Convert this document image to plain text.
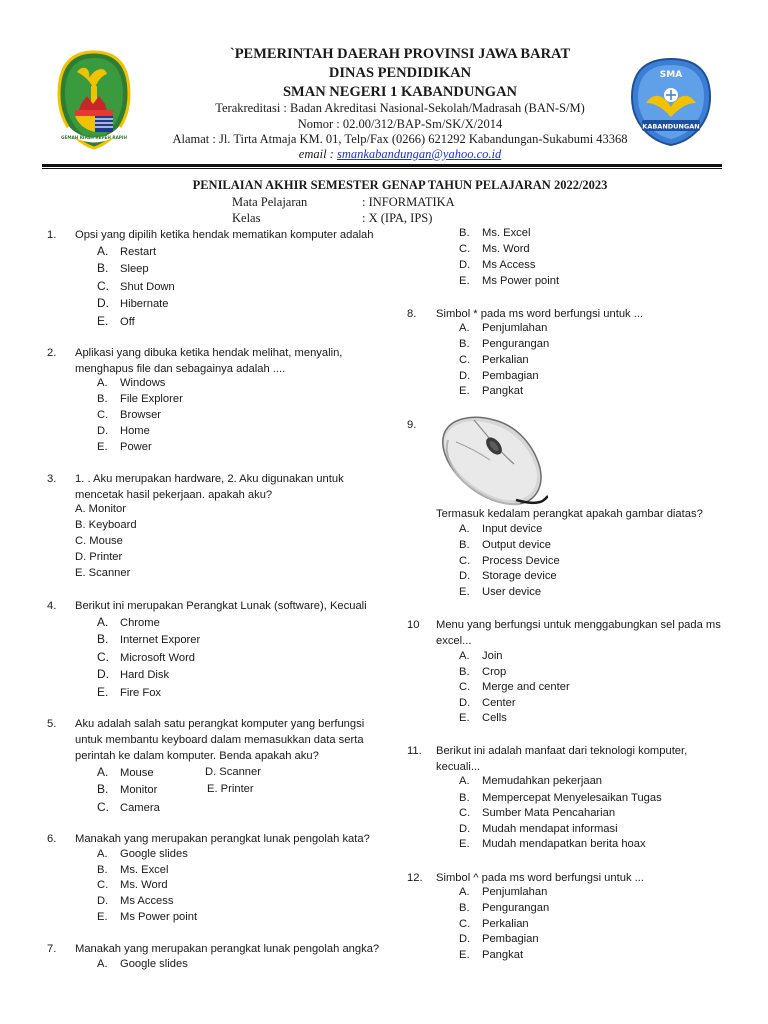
GEMAH RIPAH REPEH RAPIH
`PEMERINTAH DAERAH PROVINSI JAWA BARAT
DINAS PENDIDIKAN
SMAN NEGERI 1 KABANDUNGAN
Terakreditasi : Badan Akreditasi Nasional-Sekolah/Madrasah (BAN-S/M)
Nomor : 02.00/312/BAP-Sm/SK/X/2014
Alamat : Jl. Tirta Atmaja KM. 01, Telp/Fax (0266) 621292 Kabandungan-Sukabumi 43368
email : smankabandungan@yahoo.co.id
SMA
KABANDUNGAN
PENILAIAN AKHIR SEMESTER GENAP TAHUN PELAJARAN 2022/2023
Mata Pelajaran	: INFORMATIKA
Kelas	: X (IPA, IPS)
1. Opsi yang dipilih ketika hendak mematikan komputer adalah
A. Restart
B. Sleep
C. Shut Down
D. Hibernate
E. Off
2. Aplikasi yang dibuka ketika hendak melihat, menyalin,
menghapus file dan sebagainya adalah ....
A. Windows
B. File Explorer
C. Browser
D. Home
E. Power
3. 1. . Aku merupakan hardware, 2. Aku digunakan untuk
mencetak hasil pekerjaan. apakah aku?
A. Monitor
B. Keyboard
C. Mouse
D. Printer
E. Scanner
4. Berikut ini merupakan Perangkat Lunak (software), Kecuali
A. Chrome
B. Internet Exporer
C. Microsoft Word
D. Hard Disk
E. Fire Fox
5. Aku adalah salah satu perangkat komputer yang berfungsi
untuk membantu keyboard dalam memasukkan data serta
perintah ke dalam komputer. Benda apakah aku?
A. Mouse	D. Scanner
B. Monitor	E. Printer
C. Camera
6. Manakah yang merupakan perangkat lunak pengolah kata?
A. Google slides
B. Ms. Excel
C. Ms. Word
D. Ms Access
E. Ms Power point
7. Manakah yang merupakan perangkat lunak pengolah angka?
A. Google slides
B. Ms. Excel
C. Ms. Word
D. Ms Access
E. Ms Power point
8. Simbol * pada ms word berfungsi untuk ...
A. Penjumlahan
B. Pengurangan
C. Perkalian
D. Pembagian
E. Pangkat
9.
Termasuk kedalam perangkat apakah gambar diatas?
A. Input device
B. Output device
C. Process Device
D. Storage device
E. User device
10 Menu yang berfungsi untuk menggabungkan sel pada ms
excel...
A. Join
B. Crop
C. Merge and center
D. Center
E. Cells
11. Berikut ini adalah manfaat dari teknologi komputer,
kecuali...
A. Memudahkan pekerjaan
B. Mempercepat Menyelesaikan Tugas
C. Sumber Mata Pencaharian
D. Mudah mendapat informasi
E. Mudah mendapatkan berita hoax
12. Simbol ^ pada ms word berfungsi untuk ...
A. Penjumlahan
B. Pengurangan
C. Perkalian
D. Pembagian
E. Pangkat
